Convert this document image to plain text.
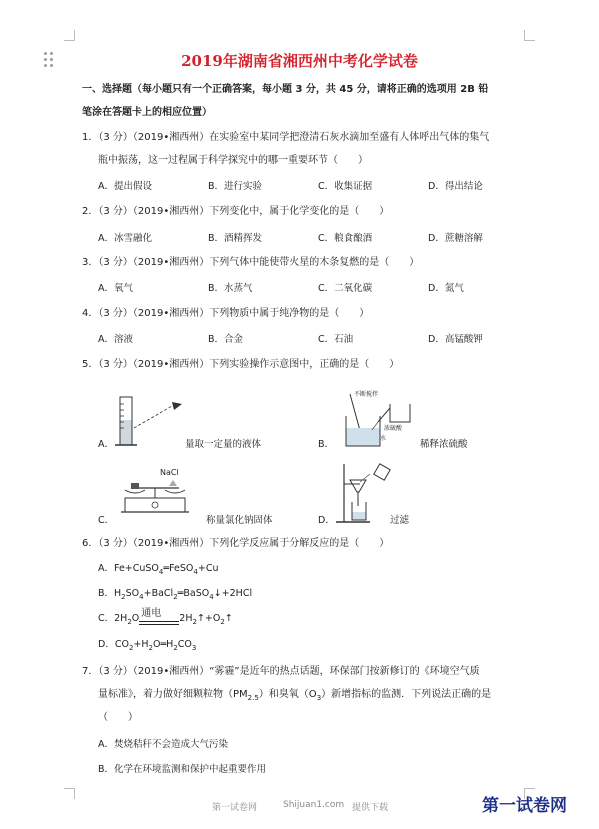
2019年湖南省湘西州中考化学试卷
一、选择题（每小题只有一个正确答案，每小题 3 分，共 45 分，请将正确的选项用 2B 铅
笔涂在答题卡上的相应位置）
1．（3 分）（2019•湘西州）在实验室中某同学把澄清石灰水滴加至盛有人体呼出气体的集气
瓶中振荡，这一过程属于科学探究中的哪一重要环节（　　）
A．提出假设	B．进行实验	C．收集证据	D．得出结论
2．（3 分）（2019•湘西州）下列变化中，属于化学变化的是（　　）
A．冰雪融化	B．酒精挥发	C．粮食酿酒	D．蔗糖溶解
3．（3 分）（2019•湘西州）下列气体中能使带火星的木条复燃的是（　　）
A．氧气	B．水蒸气	C．二氧化碳	D．氮气
4．（3 分）（2019•湘西州）下列物质中属于纯净物的是（　　）
A．溶液	B．合金	C．石油	D．高锰酸钾
5．（3 分）（2019•湘西州）下列实验操作示意图中，正确的是（　　）
A．	量取一定量的液体
不断搅拌
浓硫酸
水
B．	稀释浓硫酸
NaCl
C．	称量氯化钠固体	D．	过滤
6．（3 分）（2019•湘西州）下列化学反应属于分解反应的是（　　）
A．Fe+CuSO$_4$═FeSO$_4$+Cu
B．$H_2SO_4+BaCl_2═BaSO_4↓+2HCl$
C．$2H_2O$ 通电 $2H_2↑+O_2↑$
D．$CO_2+H_2O═H_2CO_3$
7．（3 分）（2019•湘西州）“雾霾”是近年的热点话题，环保部门按新修订的《环境空气质
量标准》，着力做好细颗粒物$(PM_{2.5})$和臭氧$(O_3)$新增指标的监测．下列说法正确的是
（　　）
A．焚烧秸秆不会造成大气污染
B．化学在环境监测和保护中起重要作用
第一试卷网	Shijuan1.com 提供下载	第一试卷网
